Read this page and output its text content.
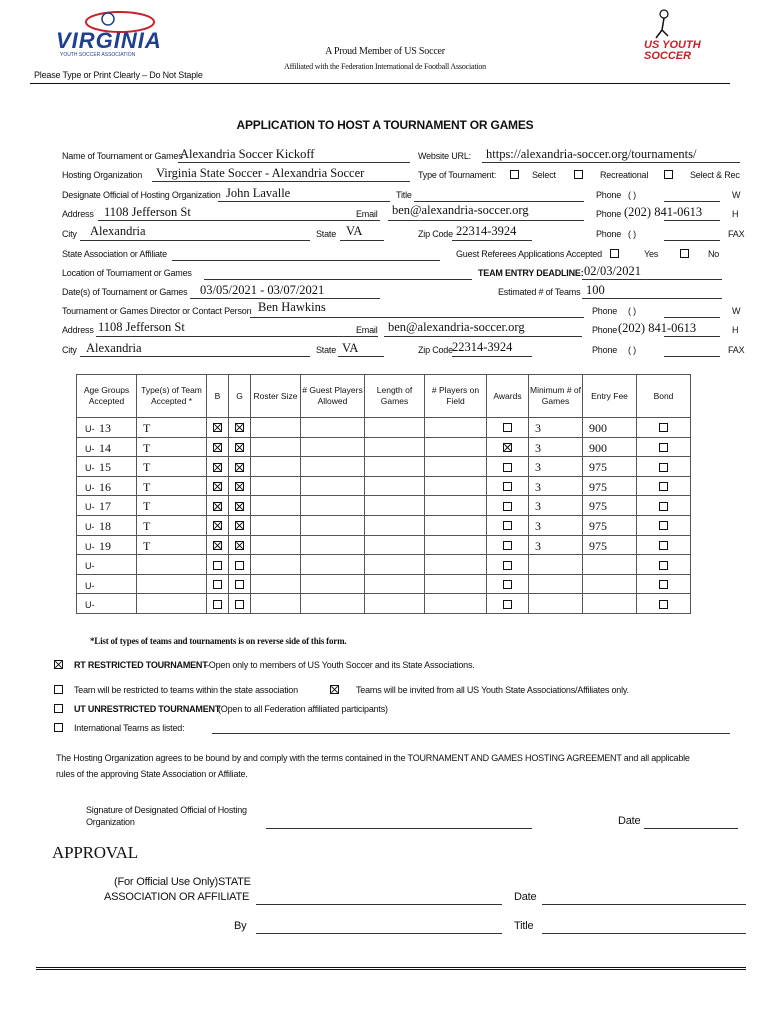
VIRGINIA
YOUTH SOCCER ASSOCIATION	A Proud Member of US Soccer
Affiliated with the Federation International de Football Association
US YOUTH SOCCER
Please Type or Print Clearly – Do Not Staple
APPLICATION TO HOST A TOURNAMENT OR GAMES
Name of Tournament or Games
Alexandria Soccer Kickoff	Website URL: https://alexandria-soccer.org/tournaments/
Hosting Organization Virginia State Soccer - Alexandria Soccer	Type of Tournament:	Select	Recreational	Select & Rec
Designate Official of Hosting Organization John Lavalle	Title	Phone ( )	W
Address 1108 Jefferson St	Email ben@alexandria-soccer.org	Phone (202) 841-0613	H
City Alexandria	State VA	Zip Code 22314-3924	Phone ( )	FAX
State Association or Affiliate	Guest Referees Applications Accepted	Yes	No
Location of Tournament or Games	TEAM ENTRY DEADLINE: 02/03/2021
Date(s) of Tournament or Games 03/05/2021 - 03/07/2021	Estimated # of Teams 100
Tournament or Games Director or Contact Person Ben Hawkins	Phone ( )	W
Address 1108 Jefferson St	Email ben@alexandria-soccer.org	Phone (202) 841-0613	H
City Alexandria	State VA	Zip Code 22314-3924	Phone ( )	FAX
Age Groups Accepted	Type(s) of Team Accepted *	B	G	Roster Size	# Guest Players Allowed	Length of Games	# Players on Field	Awards	Minimum # of Games	Entry Fee	Bond

U- 13	T								3	900	

U- 14	T								3	900	

U- 15	T								3	975	

U- 16	T								3	975	

U- 17	T								3	975	

U- 18	T								3	975	

U- 19	T								3	975	

U-											

U-											

U-											

*List of types of teams and tournaments is on reverse side of this form.
RT RESTRICTED TOURNAMENT
–Open only to members of US Youth Soccer and its State Associations.
Team will be restricted to teams within the state association	Teams will be invited from all US Youth State Associations/Affiliates only.
UT UNRESTRICTED TOURNAMENT
(Open to all Federation affiliated participants)
International Teams as listed:
The Hosting Organization agrees to be bound by and comply with the terms contained in the TOURNAMENT AND GAMES HOSTING AGREEMENT and all applicable
rules of the approving State Association or Affiliate.
Signature of Designated Official of Hosting
Organization	Date
APPROVAL
(For Official Use Only)STATE
ASSOCIATION OR AFFILIATE	Date
By	Title
